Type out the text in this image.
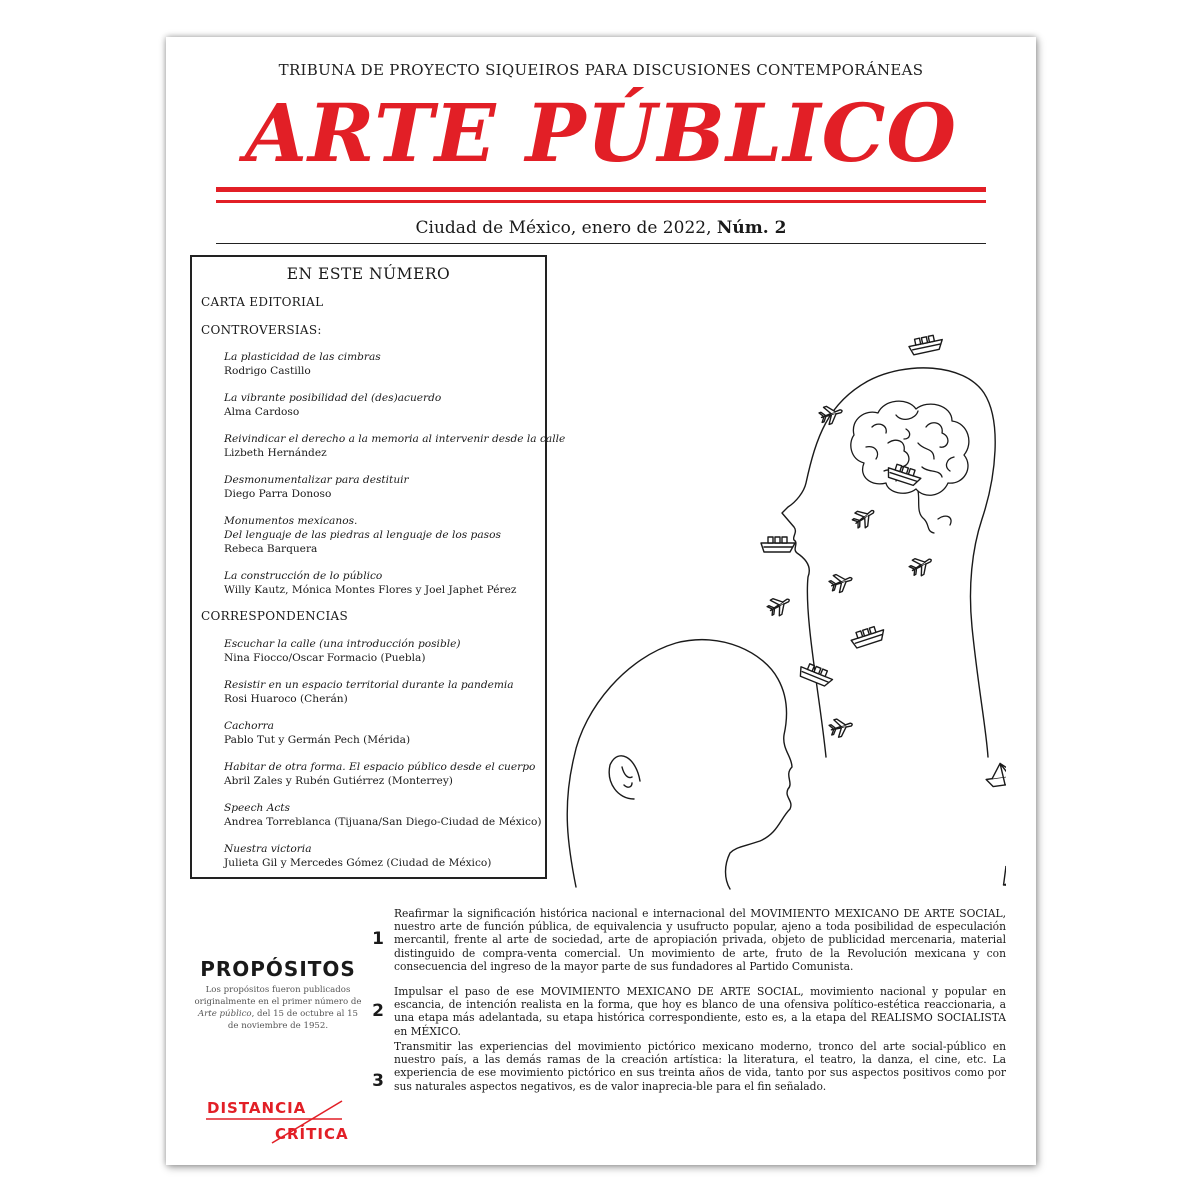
TRIBUNA DE PROYECTO SIQUEIROS PARA DISCUSIONES CONTEMPORÁNEAS
ARTE PÚBLICO
Ciudad de México, enero de 2022, Núm. 2
EN ESTE NÚMERO
CARTA EDITORIAL
CONTROVERSIAS:
La plasticidad de las cimbras
Rodrigo Castillo
La vibrante posibilidad del (des)acuerdo
Alma Cardoso
Reivindicar el derecho a la memoria al intervenir desde la calle
Lizbeth Hernández
Desmonumentalizar para destituir
Diego Parra Donoso
Monumentos mexicanos.
Del lenguaje de las piedras al lenguaje de los pasos
Rebeca Barquera
La construcción de lo público
Willy Kautz, Mónica Montes Flores y Joel Japhet Pérez
CORRESPONDENCIAS
Escuchar la calle (una introducción posible)
Nina Fiocco/Oscar Formacio (Puebla)
Resistir en un espacio territorial durante la pandemia
Rosi Huaroco (Cherán)
Cachorra
Pablo Tut y Germán Pech (Mérida)
Habitar de otra forma. El espacio público desde el cuerpo
Abril Zales y Rubén Gutiérrez (Monterrey)
Speech Acts
Andrea Torreblanca (Tijuana/San Diego-Ciudad de México)
Nuestra victoria
Julieta Gil y Mercedes Gómez (Ciudad de México)
PROPÓSITOS
Los propósitos fueron publicados originalmente en el primer número de Arte público, del 15 de octubre al 15 de noviembre de 1952.
1
Reafirmar la significación histórica nacional e internacional del MOVIMIENTO MEXICANO DE ARTE SOCIAL, nuestro arte de función pública, de equivalencia y usufructo popular, ajeno a toda posibilidad de especulación mercantil, frente al arte de sociedad, arte de apropiación privada, objeto de publicidad mercenaria, material distinguido de compra-venta comercial. Un movimiento de arte, fruto de la Revolución mexicana y con consecuencia del ingreso de la mayor parte de sus fundadores al Partido Comunista.
2
Impulsar el paso de ese MOVIMIENTO MEXICANO DE ARTE SOCIAL, movimiento nacional y popular en escancia, de intención realista en la forma, que hoy es blanco de una ofensiva político-estética reaccionaria, a una etapa más adelantada, su etapa histórica correspondiente, esto es, a la etapa del REALISMO SOCIALISTA en MÉXICO.
3
Transmitir las experiencias del movimiento pictórico mexicano moderno, tronco del arte social-público en nuestro país, a las demás ramas de la creación artística: la literatura, el teatro, la danza, el cine, etc. La experiencia de ese movimiento pictórico en sus treinta años de vida, tanto por sus aspectos positivos como por sus naturales aspectos negativos, es de valor inaprecia-ble para el fin señalado.
DISTANCIA
CRÍTICA
